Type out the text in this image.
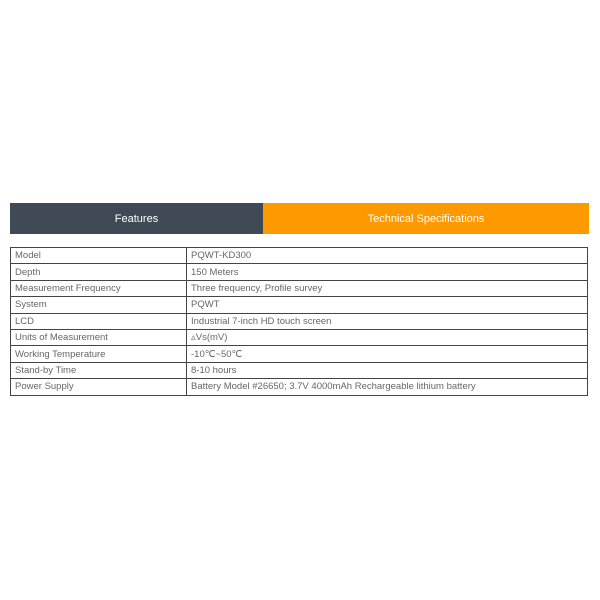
Features	Technical Specifications
Model	PQWT-KD300
Depth	150 Meters
Measurement Frequency	Three frequency, Profile survey
System	PQWT
LCD	Industrial 7-inch HD touch screen
Units of Measurement	▵Vs(mV)
Working Temperature	-10℃~50℃
Stand-by Time	8-10 hours
Power Supply	Battery Model #26650; 3.7V 4000mAh Rechargeable lithium battery
